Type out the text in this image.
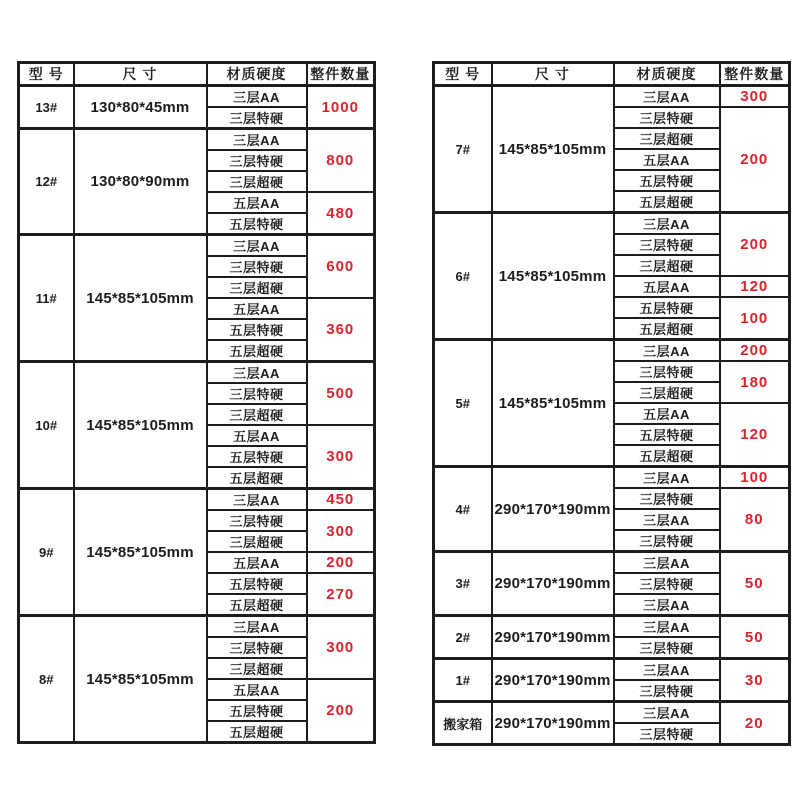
型 号	尺 寸	材质硬度	整件数量
13#	130*80*45mm	三层AA	1000
		三层特硬	
12#	130*80*90mm	三层AA	800
		三层特硬	
		三层超硬	
		五层AA	480
		五层特硬	
11#	145*85*105mm	三层AA	600
		三层特硬	
		三层超硬	
		五层AA	360
		五层特硬	
		五层超硬	
10#	145*85*105mm	三层AA	500
		三层特硬	
		三层超硬	
		五层AA	300
		五层特硬	
		五层超硬	
9#	145*85*105mm	三层AA	450
		三层特硬	300
		三层超硬	
		五层AA	200
		五层特硬	270
		五层超硬	
8#	145*85*105mm	三层AA	300
		三层特硬	
		三层超硬	
		五层AA	200
		五层特硬	
		五层超硬	
型 号	尺 寸	材质硬度	整件数量
7#	145*85*105mm	三层AA	300
		三层特硬	200
		三层超硬	
		五层AA	
		五层特硬	
		五层超硬	
6#	145*85*105mm	三层AA	200
		三层特硬	
		三层超硬	
		五层AA	120
		五层特硬	100
		五层超硬	
5#	145*85*105mm	三层AA	200
		三层特硬	180
		三层超硬	
		五层AA	120
		五层特硬	
		五层超硬	
4#	290*170*190mm	三层AA	100
		三层特硬	80
		三层AA	
		三层特硬	
3#	290*170*190mm	三层AA	50
		三层特硬	
		三层AA	
2#	290*170*190mm	三层AA	50
		三层特硬	
1#	290*170*190mm	三层AA	30
		三层特硬	
搬家箱	290*170*190mm	三层AA	20
		三层特硬	
